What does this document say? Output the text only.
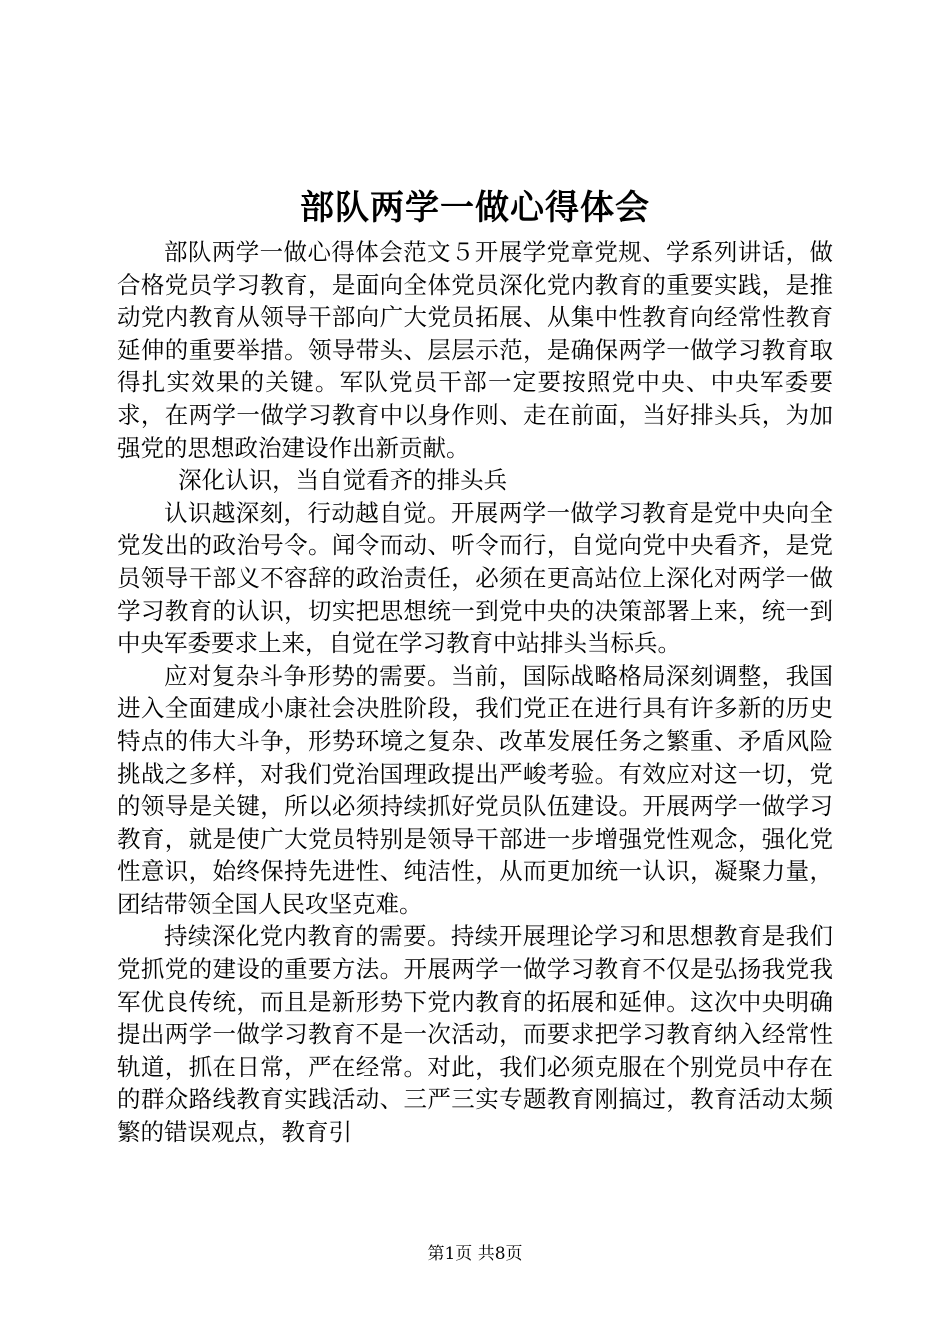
部队两学一做心得体会

部队两学一做心得体会范文５开展学党章党规、学系列讲话，做合格党员学习教育，是面向全体党员深化党内教育的重要实践，是推动党内教育从领导干部向广大党员拓展、从集中性教育向经常性教育延伸的重要举措。领导带头、层层示范，是确保两学一做学习教育取得扎实效果的关键。军队党员干部一定要按照党中央、中央军委要求，在两学一做学习教育中以身作则、走在前面，当好排头兵，为加强党的思想政治建设作出新贡献。

深化认识，当自觉看齐的排头兵

认识越深刻，行动越自觉。开展两学一做学习教育是党中央向全党发出的政治号令。闻令而动、听令而行，自觉向党中央看齐，是党员领导干部义不容辞的政治责任，必须在更高站位上深化对两学一做学习教育的认识，切实把思想统一到党中央的决策部署上来，统一到中央军委要求上来，自觉在学习教育中站排头当标兵。

应对复杂斗争形势的需要。当前，国际战略格局深刻调整，我国进入全面建成小康社会决胜阶段，我们党正在进行具有许多新的历史特点的伟大斗争，形势环境之复杂、改革发展任务之繁重、矛盾风险挑战之多样，对我们党治国理政提出严峻考验。有效应对这一切，党的领导是关键，所以必须持续抓好党员队伍建设。开展两学一做学习教育，就是使广大党员特别是领导干部进一步增强党性观念，强化党性意识，始终保持先进性、纯洁性，从而更加统一认识，凝聚力量，团结带领全国人民攻坚克难。

持续深化党内教育的需要。持续开展理论学习和思想教育是我们党抓党的建设的重要方法。开展两学一做学习教育不仅是弘扬我党我军优良传统，而且是新形势下党内教育的拓展和延伸。这次中央明确提出两学一做学习教育不是一次活动，而要求把学习教育纳入经常性轨道，抓在日常，严在经常。对此，我们必须克服在个别党员中存在的群众路线教育实践活动、三严三实专题教育刚搞过，教育活动太频繁的错误观点，教育引

第1页 共8页
